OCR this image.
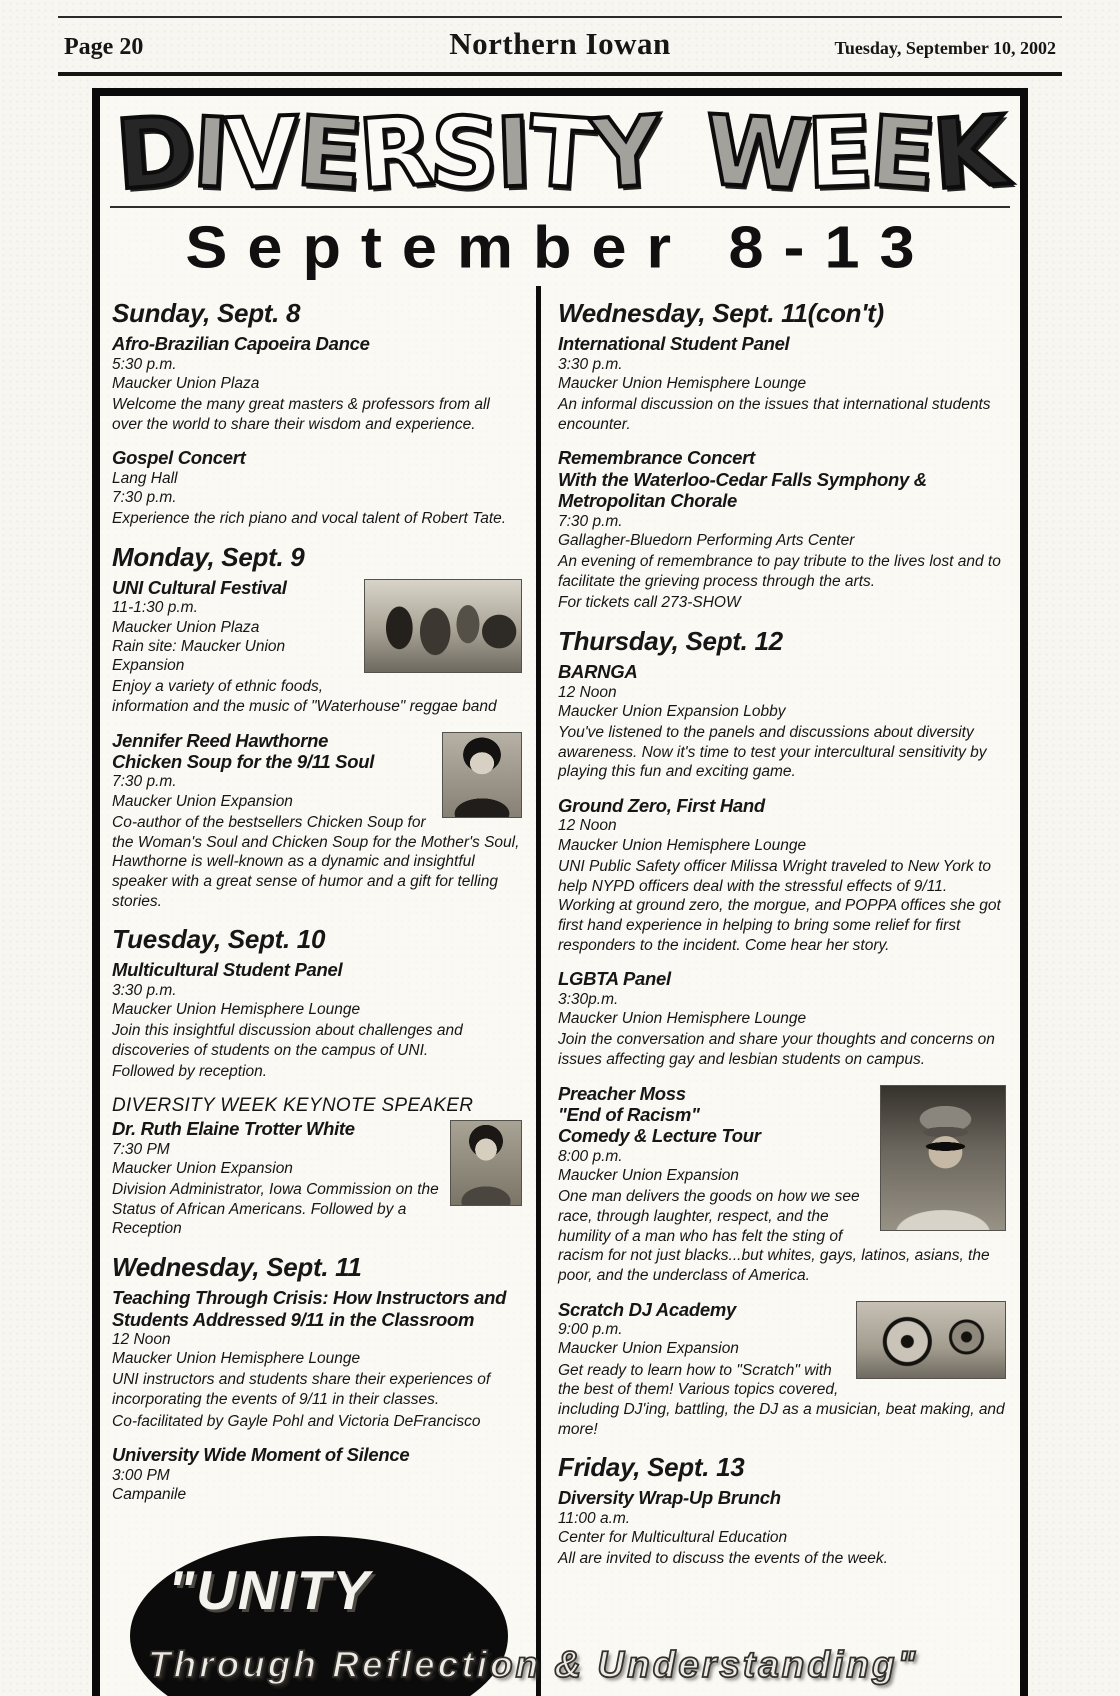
Page 20	Northern Iowan	Tuesday, September 10, 2002
D
I
V
E
R
S
I
T
Y W
E
E
K
September 8-13
Sunday, Sept. 8
Afro-Brazilian Capoeira Dance
5:30 p.m.
Maucker Union Plaza

Welcome the many great masters & professors from all over the world to share their wisdom and experience.

Gospel Concert
Lang Hall
7:30 p.m.

Experience the rich piano and vocal talent of Robert Tate.

Monday, Sept. 9
UNI Cultural Festival
11-1:30 p.m.
Maucker Union Plaza
Rain site: Maucker Union Expansion

Enjoy a variety of ethnic foods, information and the music of "Waterhouse" reggae band

Jennifer Reed Hawthorne
Chicken Soup for the 9/11 Soul
7:30 p.m.
Maucker Union Expansion

Co-author of the bestsellers Chicken Soup for the Woman's Soul and Chicken Soup for the Mother's Soul, Hawthorne is well-known as a dynamic and insightful speaker with a great sense of humor and a gift for telling stories.

Tuesday, Sept. 10
Multicultural Student Panel
3:30 p.m.
Maucker Union Hemisphere Lounge

Join this insightful discussion about challenges and discoveries of students on the campus of UNI.

Followed by reception.

DIVERSITY WEEK KEYNOTE SPEAKER
Dr. Ruth Elaine Trotter White
7:30 PM
Maucker Union Expansion

Division Administrator, Iowa Commission on the Status of African Americans. Followed by a Reception

Wednesday, Sept. 11
Teaching Through Crisis: How Instructors and
Students Addressed 9/11 in the Classroom
12 Noon
Maucker Union Hemisphere Lounge

UNI instructors and students share their experiences of incorporating the events of 9/11 in their classes.

Co-facilitated by Gayle Pohl and Victoria DeFrancisco

University Wide Moment of Silence
3:00 PM
Campanile
"UNITY
Through Reflection & Understanding"
Wednesday, Sept. 11(con't)
International Student Panel
3:30 p.m.
Maucker Union Hemisphere Lounge

An informal discussion on the issues that international students encounter.

Remembrance Concert
With the Waterloo-Cedar Falls Symphony &
Metropolitan Chorale
7:30 p.m.
Gallagher-Bluedorn Performing Arts Center

An evening of remembrance to pay tribute to the lives lost and to facilitate the grieving process through the arts.

For tickets call 273-SHOW

Thursday, Sept. 12
BARNGA
12 Noon
Maucker Union Expansion Lobby

You've listened to the panels and discussions about diversity awareness. Now it's time to test your intercultural sensitivity by playing this fun and exciting game.

Ground Zero, First Hand
12 Noon
Maucker Union Hemisphere Lounge

UNI Public Safety officer Milissa Wright traveled to New York to help NYPD officers deal with the stressful effects of 9/11. Working at ground zero, the morgue, and POPPA offices she got first hand experience in helping to bring some relief for first responders to the incident. Come hear her story.

LGBTA Panel
3:30p.m.
Maucker Union Hemisphere Lounge

Join the conversation and share your thoughts and concerns on issues affecting gay and lesbian students on campus.

Preacher Moss
"End of Racism"
Comedy & Lecture Tour
8:00 p.m.
Maucker Union Expansion

One man delivers the goods on how we see race, through laughter, respect, and the humility of a man who has felt the sting of racism for not just blacks...but whites, gays, latinos, asians, the poor, and the underclass of America.

Scratch DJ Academy
9:00 p.m.
Maucker Union Expansion

Get ready to learn how to "Scratch" with the best of them! Various topics covered, including DJ'ing, battling, the DJ as a musician, beat making, and more!

Friday, Sept. 13
Diversity Wrap-Up Brunch
11:00 a.m.
Center for Multicultural Education

All are invited to discuss the events of the week.
